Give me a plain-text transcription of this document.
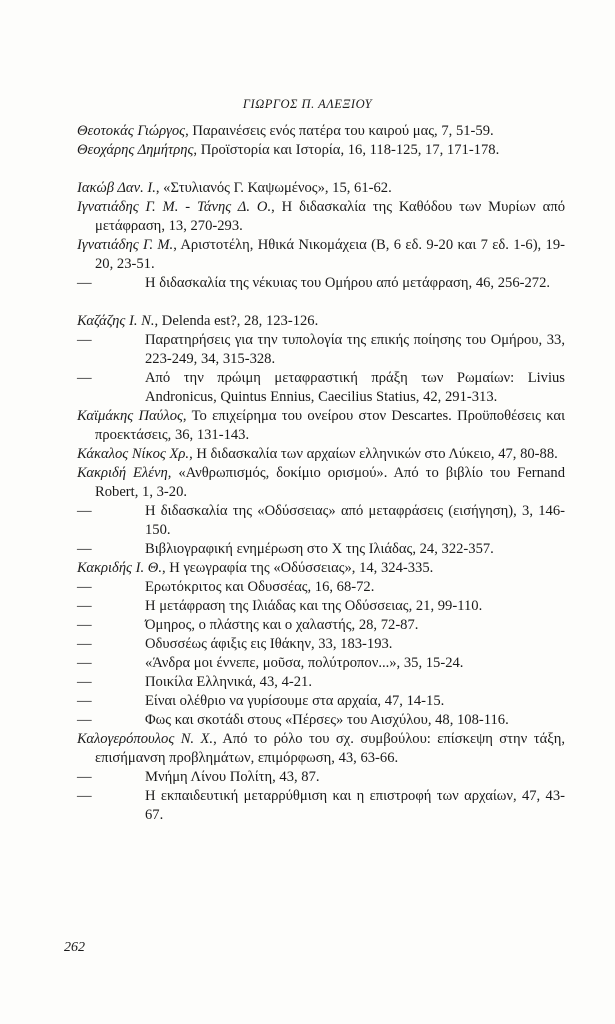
ΓΙΩΡΓΟΣ Π. ΑΛΕΞΙΟΥ
Θεοτοκάς Γιώργος, Παραινέσεις ενός πατέρα του καιρού μας, 7, 51-59.
Θεοχάρης Δημήτρης, Προϊστορία και Ιστορία, 16, 118-125, 17, 171-178.
Ιακώβ Δαν. Ι., «Στυλιανός Γ. Καψωμένος», 15, 61-62.
Ιγνατιάδης Γ. Μ. - Τάνης Δ. Ο., Η διδασκαλία της Καθόδου των Μυρίων από μετάφραση, 13, 270-293.
Ιγνατιάδης Γ. Μ., Αριστοτέλη, Ηθικά Νικομάχεια (Β, 6 εδ. 9-20 και 7 εδ. 1-6), 19-20, 23-51.
—	Η διδασκαλία της νέκυιας του Ομήρου από μετάφραση, 46, 256-272.
Καζάζης Ι. Ν., Delenda est?, 28, 123-126.
—	Παρατηρήσεις για την τυπολογία της επικής ποίησης του Ομήρου, 33, 223-249, 34, 315-328.
—	Από την πρώιμη μεταφραστική πράξη των Ρωμαίων: Livius Andronicus, Quintus Ennius, Caecilius Statius, 42, 291-313.
Καϊμάκης Παύλος, Το επιχείρημα του ονείρου στον Descartes. Προϋποθέσεις και προεκτάσεις, 36, 131-143.
Κάκαλος Νίκος Χρ., Η διδασκαλία των αρχαίων ελληνικών στο Λύκειο, 47, 80-88.
Κακριδή Ελένη, «Ανθρωπισμός, δοκίμιο ορισμού». Από το βιβλίο του Fernand Robert, 1, 3-20.
—	Η διδασκαλία της «Οδύσσειας» από μεταφράσεις (εισήγηση), 3, 146-150.
—	Βιβλιογραφική ενημέρωση στο Χ της Ιλιάδας, 24, 322-357.
Κακριδής Ι. Θ., Η γεωγραφία της «Οδύσσειας», 14, 324-335.
—	Ερωτόκριτος και Οδυσσέας, 16, 68-72.
—	Η μετάφραση της Ιλιάδας και της Οδύσσειας, 21, 99-110.
—	Όμηρος, ο πλάστης και ο χαλαστής, 28, 72-87.
—	Οδυσσέως άφιξις εις Ιθάκην, 33, 183-193.
—	«Άνδρα μοι έννεπε, μοῦσα, πολύτροπον...», 35, 15-24.
—	Ποικίλα Ελληνικά, 43, 4-21.
—	Είναι ολέθριο να γυρίσουμε στα αρχαία, 47, 14-15.
—	Φως και σκοτάδι στους «Πέρσες» του Αισχύλου, 48, 108-116.
Καλογερόπουλος Ν. Χ., Από το ρόλο του σχ. συμβούλου: επίσκεψη στην τάξη, επισήμανση προβλημάτων, επιμόρφωση, 43, 63-66.
—	Μνήμη Λίνου Πολίτη, 43, 87.
—	Η εκπαιδευτική μεταρρύθμιση και η επιστροφή των αρχαίων, 47, 43-67.
262
